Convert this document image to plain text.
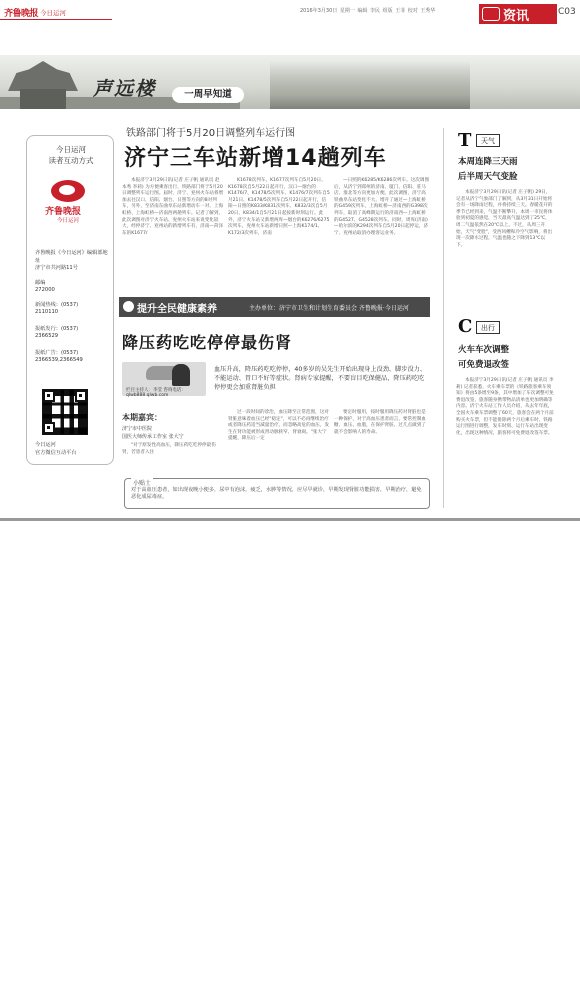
齐鲁晚报 今日运河	2016年3月30日 星期一 编辑 李民 组版 王菲 校对 王秀华	资讯	C03
声远楼	一周早知道
今日运河
读者互动方式
齐鲁晚报
今日运河
齐鲁晚报《今日运河》编辑部地址
济宁市共河路11号
邮编
272000
新闻热线：(0537)
2110110
报纸发行：(0537)
2366529
报纸广告：(0537)
2366539,2366549
今日运河
官方微信互动平台
铁路部门将于5月20日调整列车运行图
济宁三车站新增14趟列车

本报济宁3月29日讯(记者 庄子帆 通讯员 赵本秀 李莉) 为方便乘客出行，铁路部门将于5月20日调整列车运行图。届时，济宁、兖州火车站将增加去往汉口、信阳、烟台、日照等方向的8对列车，另外，至济南东曲阜东站新增动车一对、上海虹桥、上海虹桥—济南西两趟列车。记者了解到，此次调图对济宁火车站、兖州火车站来说变化较大，经停济宁、兖州站的新增列车有，济南—菏泽东的K1677/

K1678次列车、K1677次列车自5月20日、K1678次自5月22日起开行，汉口—烟台的K1476/7、K1478/5次列车、K1476/7次列车自5月21日、K1478/5次列车自5月22日起开行，信阳—日照的K833/K831次列车、K832/3次自5月20日、K834/1自5月21日起按新时刻运行。此外，济宁火车站又新增两库—烟台的K6276/6275次列车，兖州火车站新增日照—上海K174/1、K172/3次列车，济南

—日照的K6285/K6286次列车。这次调图后，从济宁到郑州的济南、厦门、信阳、驻马店、淮北等方向更加方便。此次调图，济宁高铁曲阜东站变化不大，增开了通过—上海虹桥的G459次列车，上海虹桥—济南西的G398次列车，取消了高峰期运行的济南西—上海虹桥的G4527、G4528次列车。同时，周库(济南)—哈尔滨的K294次列车自5月20日起停运，济宁、兖州站取消办理客运业务。

提升全民健康素养	主办单位：济宁市卫生和计划生育委员会 齐鲁晚报·今日运河
降压药吃吃停停最伤肾
栏目主持人：李莹 咨询电话：qlwb888.qlwb.com
血压升高，降压药吃吃停停，40多岁的吴先生开始出现身上没劲、脚步没力、不能运动、胃口不好等症状。肾病专家提醒，不要盲目吃保健品，降压药吃吃停停更会加重肾脏负担
本期嘉宾：
济宁市中医院
国医大师传承工作室 张大宁

"对于原发性高血压，降压药吃吃停停最伤肾，若患者入住

过一段时间的诊治，血压降至正常范围，这对肾脏意味着血压已经"稳定"，可以不必再继续治疗或者降压药适当减量治疗。而忽略高危的血压，发生在肾功能被形成肾动脉狭窄、肾衰竭。"张大宁提醒，降压后一定

要定时服用，按时服用降压药对肾脏也是一种保护，对于高血压患者而言，要常控制血糖、血压、血脂，在保护肾脏、过几点做到了就不会影响人的寿命。

小贴士
对于高血压患者，如出现夜晚小便多，尿中有泡沫，疲乏，水肿等情况，应尽早就诊，早期发现肾脏功能损害，早期治疗，避免恶化成尿毒症。
T	天气
本周连降三天雨
后半周天气变脸

本报济宁3月29日讯(记者 庄子帆) 29日，记者从济宁气象部门了解到，从3月31日开始将会有一场降雨过程，并将持续三天。春暖花开的季节已经到来，气温不断攀升，本周一市民将体验到初夏的感觉，当天最高气温达到了25℃，周二气温依然在20℃以上。不过，从周三开始，天气"变脸"，受西风槽和冷空气影响，将出现一次降水过程，气温也随之下降到13℃以下。

C	出行
火车车次调整
可免费退改签

本报济宁3月29日讯(记者 庄子帆 通讯员 李莉) 记者获悉，火车乘车票的《铁路旅客乘车须知》将由5条增至9条，其中增加了车次调整可免费退改签，旅客随身携带物品清单也更加明确等内容。济宁火车站工作人员介绍，从去年年底，全国火车乘车票调整了60天，旅客会在两个月前购买火车票，但不能排除两个月后乘车时，铁路运行图进行调整，发车时刻、运行车站出现变化，出现这种情况，旅客将可免费退改签车票。
